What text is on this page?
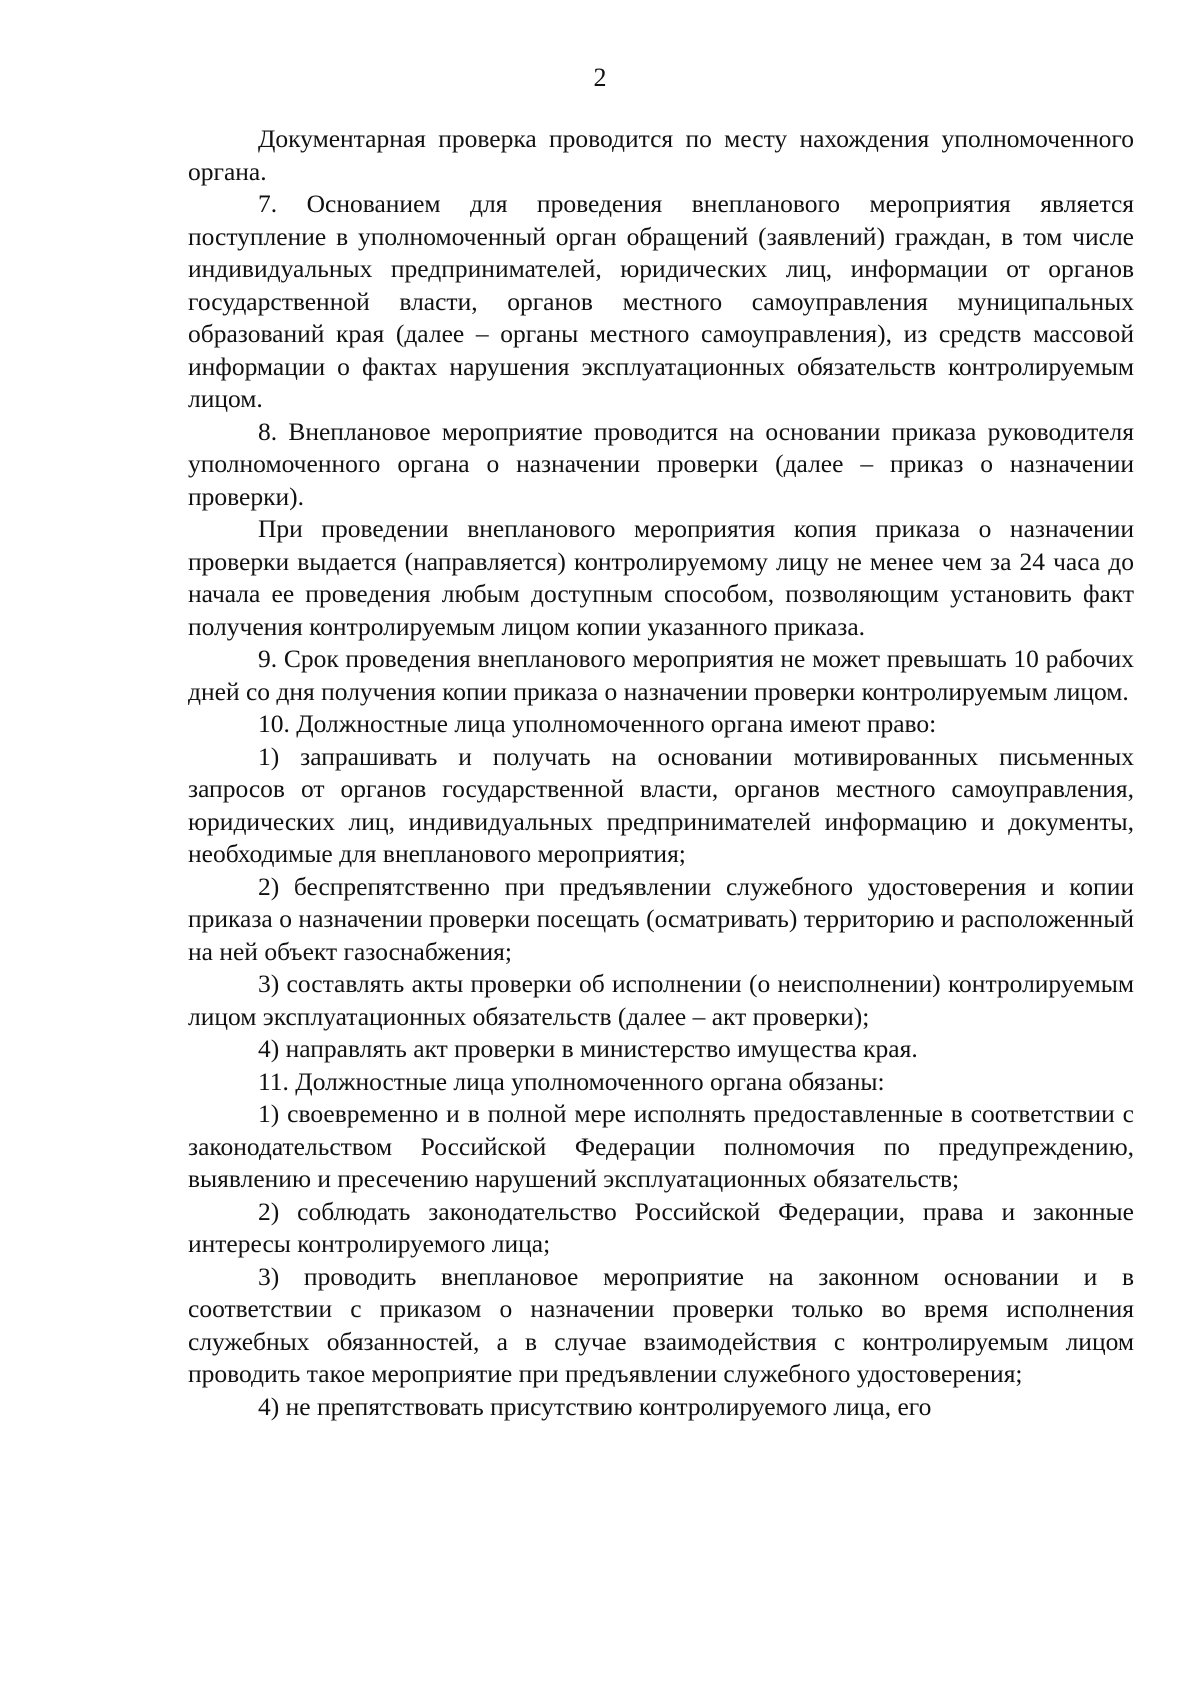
2

Документарная проверка проводится по месту нахождения уполномоченного органа.

7. Основанием для проведения внепланового мероприятия является поступление в уполномоченный орган обращений (заявлений) граждан, в том числе индивидуальных предпринимателей, юридических лиц, информации от органов государственной власти, органов местного самоуправления муниципальных образований края (далее – органы местного самоуправления), из средств массовой информации о фактах нарушения эксплуатационных обязательств контролируемым лицом.

8. Внеплановое мероприятие проводится на основании приказа руководителя уполномоченного органа о назначении проверки (далее – приказ о назначении проверки).

При проведении внепланового мероприятия копия приказа о назначении проверки выдается (направляется) контролируемому лицу не менее чем за 24 часа до начала ее проведения любым доступным способом, позволяющим установить факт получения контролируемым лицом копии указанного приказа.

9. Срок проведения внепланового мероприятия не может превышать 10 рабочих дней со дня получения копии приказа о назначении проверки контролируемым лицом.

10. Должностные лица уполномоченного органа имеют право:

1) запрашивать и получать на основании мотивированных письменных запросов от органов государственной власти, органов местного самоуправления, юридических лиц, индивидуальных предпринимателей информацию и документы, необходимые для внепланового мероприятия;

2) беспрепятственно при предъявлении служебного удостоверения и копии приказа о назначении проверки посещать (осматривать) территорию и расположенный на ней объект газоснабжения;

3) составлять акты проверки об исполнении (о неисполнении) контролируемым лицом эксплуатационных обязательств (далее – акт проверки);

4) направлять акт проверки в министерство имущества края.

11. Должностные лица уполномоченного органа обязаны:

1) своевременно и в полной мере исполнять предоставленные в соответствии с законодательством Российской Федерации полномочия по предупреждению, выявлению и пресечению нарушений эксплуатационных обязательств;

2) соблюдать законодательство Российской Федерации, права и законные интересы контролируемого лица;

3) проводить внеплановое мероприятие на законном основании и в соответствии с приказом о назначении проверки только во время исполнения служебных обязанностей, а в случае взаимодействия с контролируемым лицом проводить такое мероприятие при предъявлении служебного удостоверения;

4) не препятствовать присутствию контролируемого лица, его
